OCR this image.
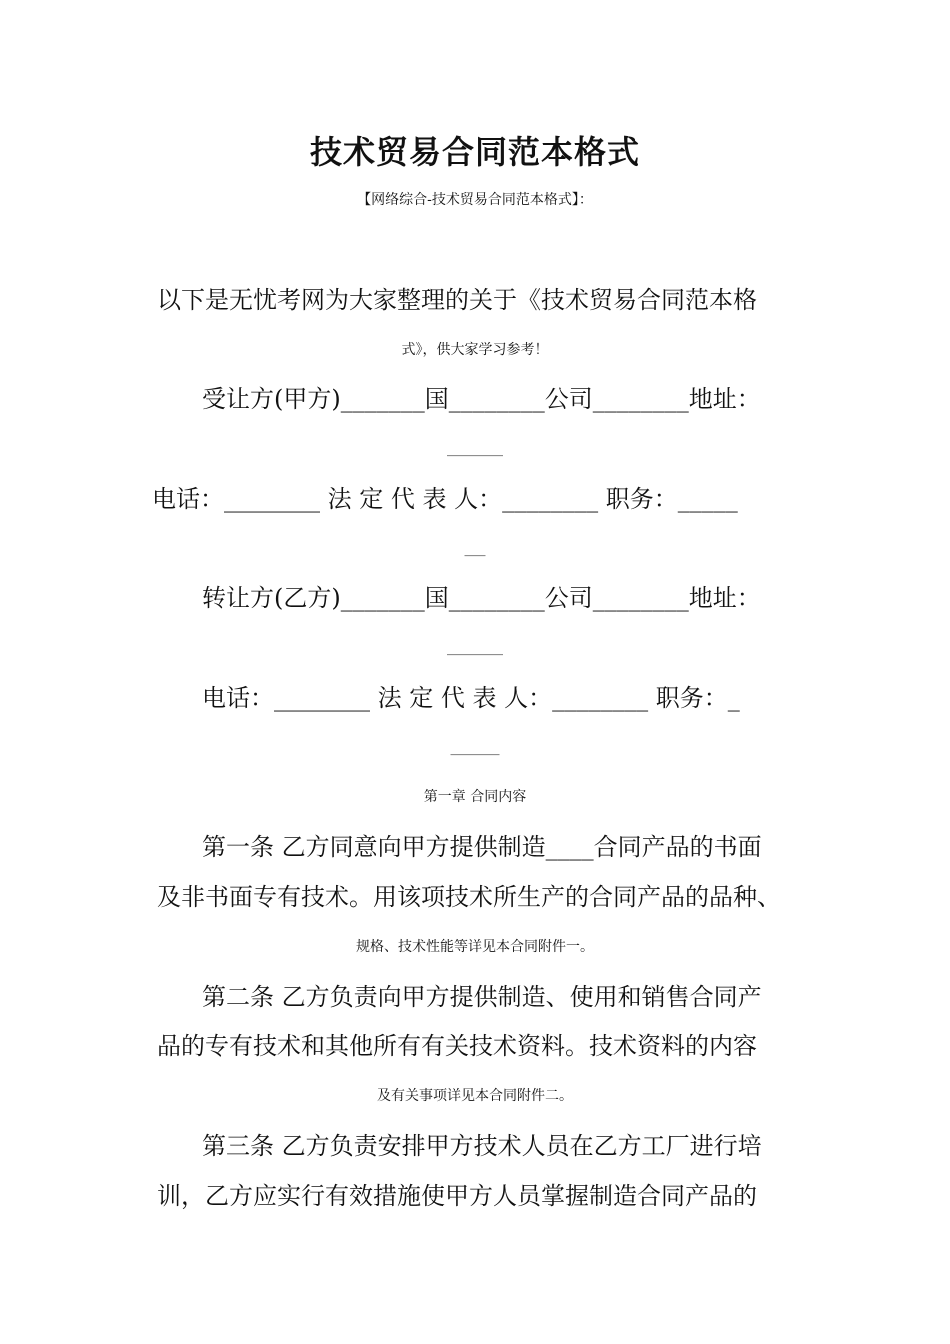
技术贸易合同范本格式
【网络综合-技术贸易合同范本格式】：
以下是无忧考网为大家整理的关于《技术贸易合同范本格
式》，供大家学习参考！
受让方(甲方)_______国________公司________地址：
________
电话：________ 法 定 代 表 人：________ 职务：_____
___
转让方(乙方)_______国________公司________地址：
________
电话：________ 法 定 代 表 人：________ 职务：_
_______
第一章 合同内容
第一条 乙方同意向甲方提供制造____合同产品的书面
及非书面专有技术。用该项技术所生产的合同产品的品种、
规格、技术性能等详见本合同附件一。
第二条 乙方负责向甲方提供制造、使用和销售合同产
品的专有技术和其他所有有关技术资料。技术资料的内容
及有关事项详见本合同附件二。
第三条 乙方负责安排甲方技术人员在乙方工厂进行培
训，乙方应实行有效措施使甲方人员掌握制造合同产品的
